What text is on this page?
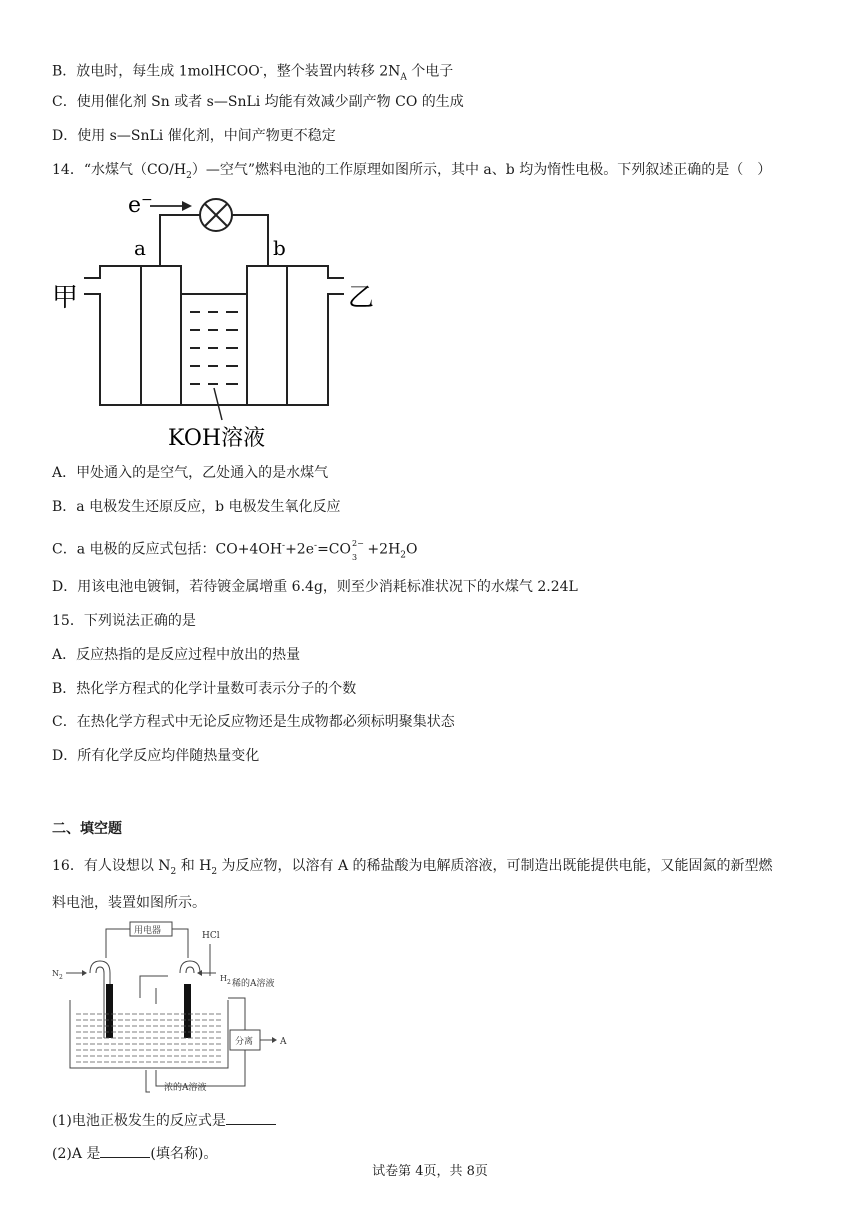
B．放电时，每生成 1molHCOO-，整个装置内转移 $2N_A$ 个电子
C．使用催化剂 Sn 或者 s—SnLi 均能有效减少副产物 CO 的生成
D．使用 s—SnLi 催化剂，中间产物更不稳定
14．“水煤气$(CO/H_2)—$空气”燃料电池的工作原理如图所示，其中 a、b 均为惰性电极。下列叙述正确的是（　）
e−
a	b
甲	乙
KOH溶液
A．甲处通入的是空气，乙处通入的是水煤气
B．a 电极发生还原反应，b 电极发生氧化反应
C．a 电极的反应式包括：CO+4OH-+2e-=CO 2−
$3 +2H_2O$
D．用该电池电镀铜，若待镀金属增重 6.4g，则至少消耗标准状况下的水煤气 2.24L
15．下列说法正确的是
A．反应热指的是反应过程中放出的热量
B．热化学方程式的化学计量数可表示分子的个数
C．在热化学方程式中无论反应物还是生成物都必须标明聚集状态
D．所有化学反应均伴随热量变化
二、填空题
16．有人设想以 $N_2$ 和 $H_2$ 为反应物，以溶有 A 的稀盐酸为电解质溶液，可制造出既能提供电能，又能固氮的新型燃
料电池，装置如图所示。
用电器	HCl
$N_2$	$H_2$ 稀的A溶液
分离	A
浓的A溶液
(1)电池正极发生的反应式是
(2)A 是	(填名称)。
试卷第 4页，共 8页
